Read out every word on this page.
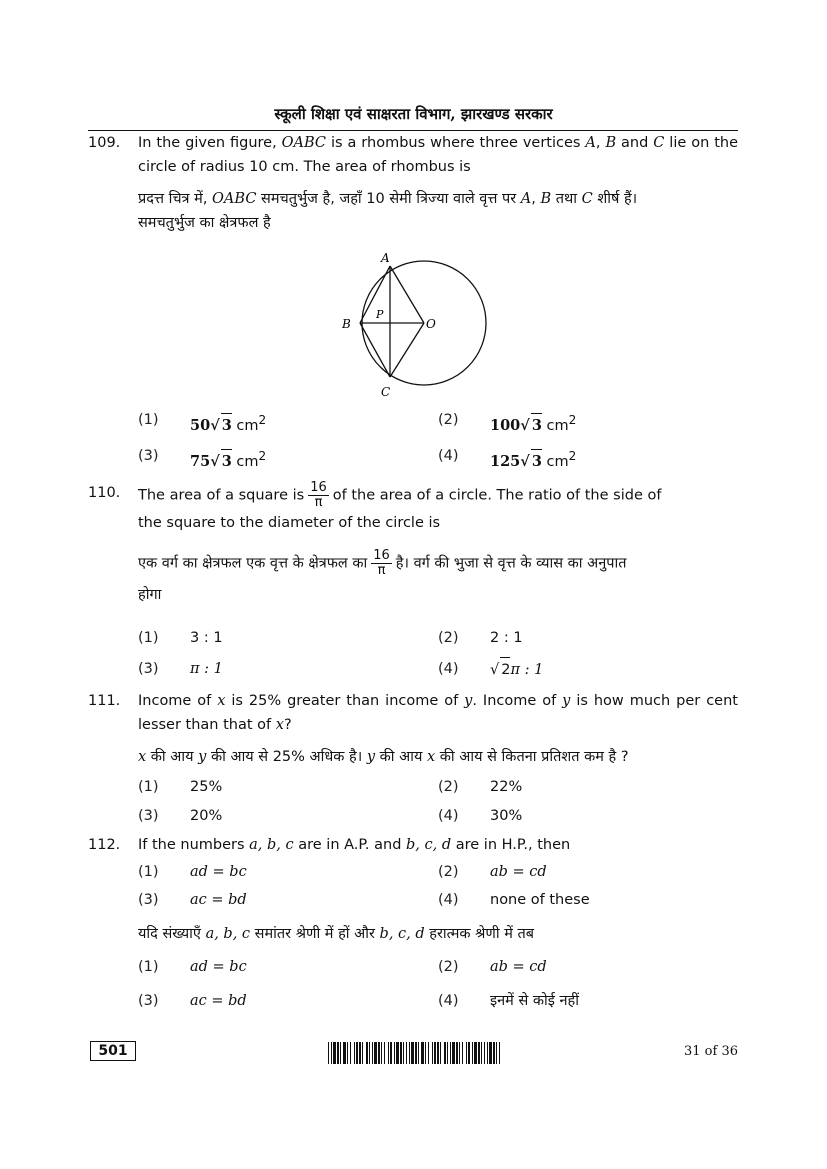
स्कूली शिक्षा एवं साक्षरता विभाग, झारखण्ड सरकार
109. In the given figure, OABC is a rhombus where three vertices A, B and C lie on the circle of radius 10 cm. The area of rhombus is
प्रदत्त चित्र में, OABC समचतुर्भुज है, जहाँ 10 सेमी त्रिज्या वाले वृत्त पर A, B तथा C शीर्ष हैं।
समचतुर्भुज का क्षेत्रफल है
A
B
C
O
P
(1) 50√ 3 $cm^2$	(2) 100√ 3 $cm^2$
(3) 75√ 3 $cm^2$	(4) 125√ 3 $cm^2$
110. The area of a square is $\frac{16}{\pi}$ of the area of a circle. The ratio of the side of
the square to the diameter of the circle is
एक वर्ग का क्षेत्रफल एक वृत्त के क्षेत्रफल का $\frac{16}{\pi}$ है। वर्ग की भुजा से वृत्त के व्यास का अनुपात
होगा
(1) 3 : 1	(2) 2 : 1
(3) π : 1	(4) √ 2π : 1
111. Income of x is 25% greater than income of y. Income of y is how much per cent lesser than that of x?
x की आय y की आय से 25% अधिक है। y की आय x की आय से कितना प्रतिशत कम है ?
(1) 25%	(2) 22%
(3) 20%	(4) 30%
112. If the numbers a, b, c are in A.P. and b, c, d are in H.P., then
(1) ad = bc	(2) ab = cd
(3) ac = bd	(4) none of these
यदि संख्याएँ a, b, c समांतर श्रेणी में हों और b, c, d हरात्मक श्रेणी में तब
(1) ad = bc	(2) ab = cd
(3) ac = bd	(4) इनमें से कोई नहीं
501	31 of 36
